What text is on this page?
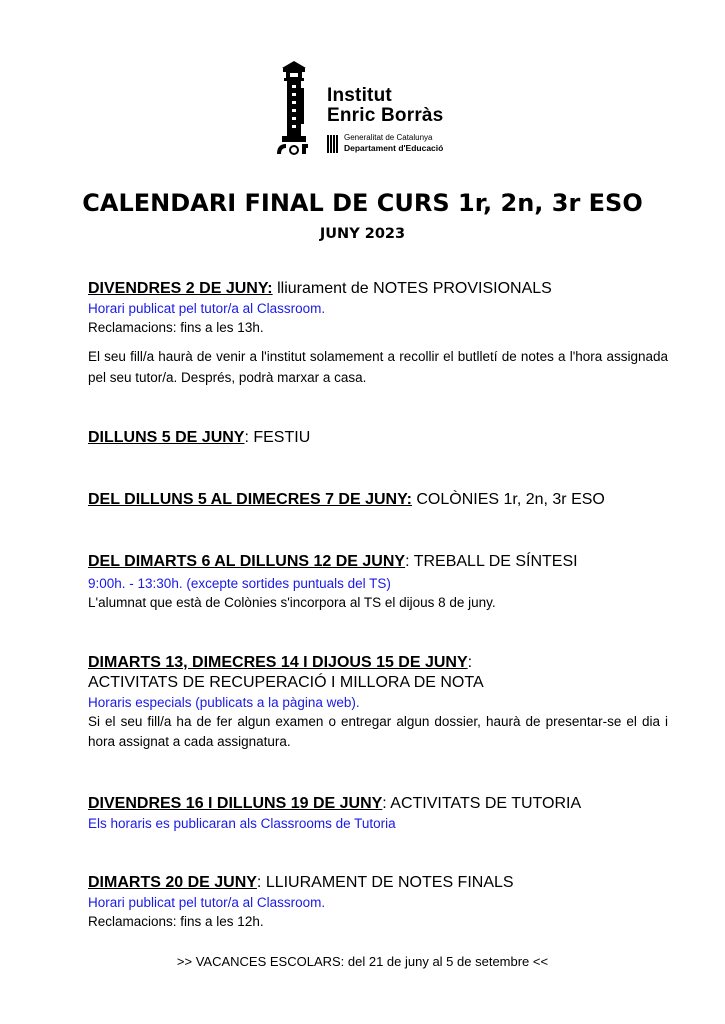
Institut
Enric Borràs
Generalitat de Catalunya
Departament d'Educació
CALENDARI FINAL DE CURS 1r, 2n, 3r ESO
JUNY 2023

DIVENDRES 2 DE JUNY: lliurament de NOTES PROVISIONALS

Horari publicat pel tutor/a al Classroom.

Reclamacions: fins a les 13h.

El seu fill/a haurà de venir a l'institut solamement a recollir el butlletí de notes a l'hora assignada pel seu tutor/a. Després, podrà marxar a casa.

DILLUNS 5 DE JUNY: FESTIU

DEL DILLUNS 5 AL DIMECRES 7 DE JUNY: COLÒNIES 1r, 2n, 3r ESO

DEL DIMARTS 6 AL DILLUNS 12 DE JUNY: TREBALL DE SÍNTESI

9:00h. - 13:30h. (excepte sortides puntuals del TS)

L'alumnat que està de Colònies s'incorpora al TS el dijous 8 de juny.

DIMARTS 13, DIMECRES 14 I DIJOUS 15 DE JUNY:

ACTIVITATS DE RECUPERACIÓ I MILLORA DE NOTA

Horaris especials (publicats a la pàgina web).

Si el seu fill/a ha de fer algun examen o entregar algun dossier, haurà de presentar-se el dia i hora assignat a cada assignatura.

DIVENDRES 16 I DILLUNS 19 DE JUNY: ACTIVITATS DE TUTORIA

Els horaris es publicaran als Classrooms de Tutoria

DIMARTS 20 DE JUNY: LLIURAMENT DE NOTES FINALS

Horari publicat pel tutor/a al Classroom.

Reclamacions: fins a les 12h.

>> VACANCES ESCOLARS: del 21 de juny al 5 de setembre <<
